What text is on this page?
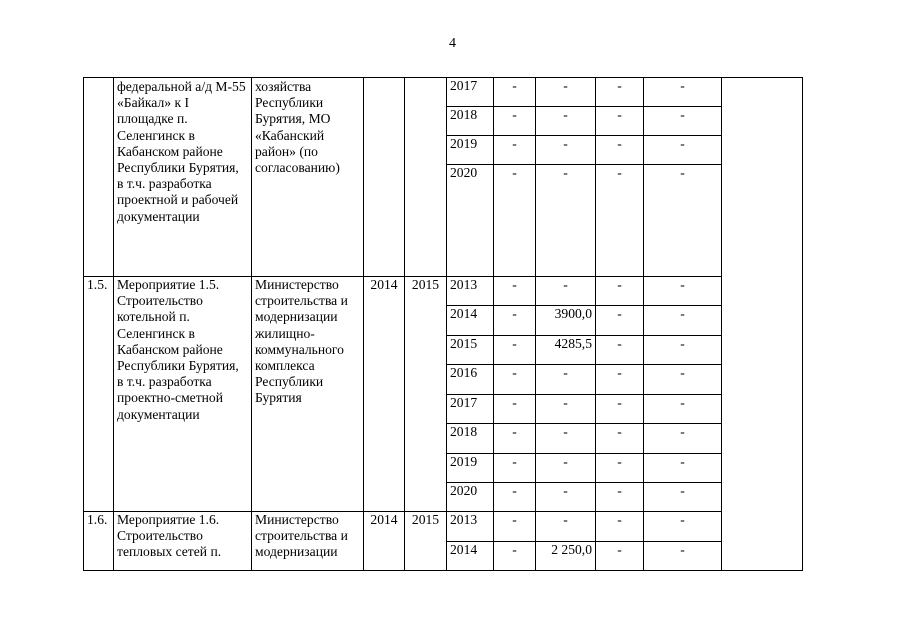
4
	федеральной а/д М-55 «Байкал» к I площадке п. Селенгинск в Кабанском районе Республики Бурятия, в т.ч. разработка проектной и рабочей документации	хозяйства Республики Бурятия, МО «Кабанский район» (по согласованию)			2017	-	-	-	-	
					2018	-	-	-	-	
					2019	-	-	-	-	
					2020	-	-	-	-	
1.5.	Мероприятие 1.5. Строительство котельной п. Селенгинск в Кабанском районе Республики Бурятия, в т.ч. разработка проектно-сметной документации	Министерство строительства и модернизации жилищно-коммунального комплекса Республики Бурятия	2014	2015	2013	-	-	-	-	
					2014	-	3900,0	-	-	
					2015	-	4285,5	-	-	
					2016	-	-	-	-	
					2017	-	-	-	-	
					2018	-	-	-	-	
					2019	-	-	-	-	
					2020	-	-	-	-	
1.6.	Мероприятие 1.6. Строительство тепловых сетей п.	Министерство строительства и модернизации	2014	2015	2013	-	-	-	-	
					2014	-	2 250,0	-	-	
